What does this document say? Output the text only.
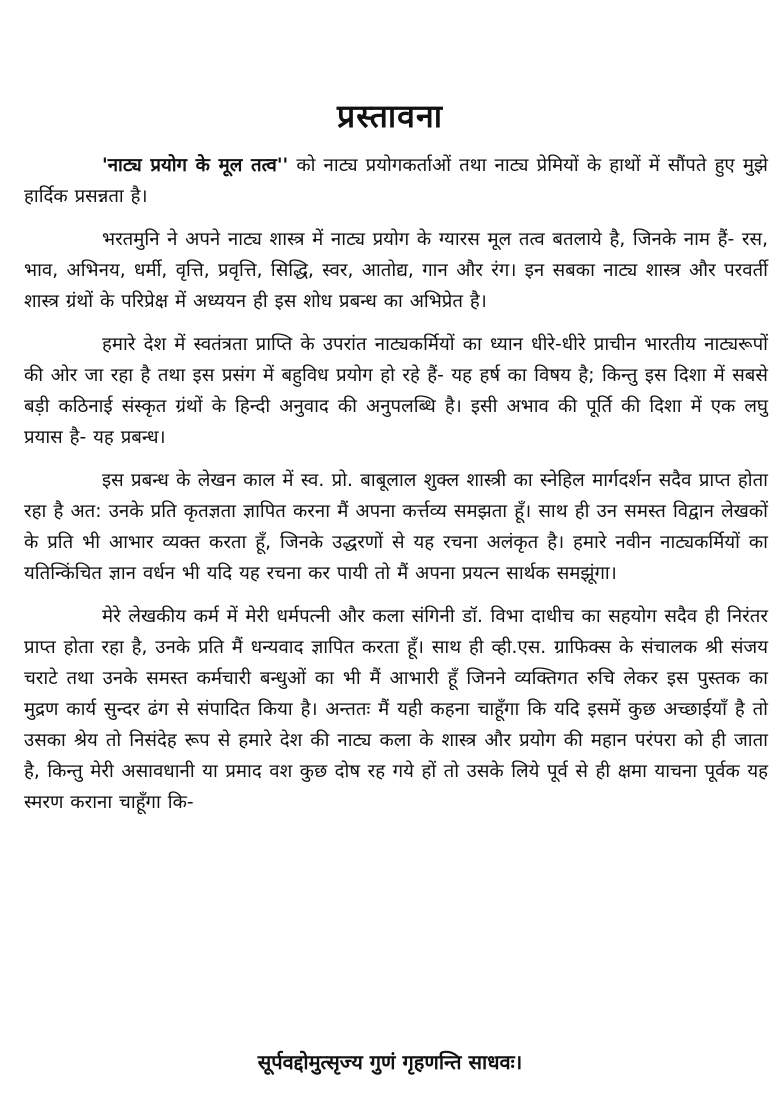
प्रस्तावना

'नाट्य प्रयोग के मूल तत्व'' को नाट्य प्रयोगकर्ताओं तथा नाट्य प्रेमियों के हाथों में सौंपते हुए मुझे हार्दिक प्रसन्नता है।

भरतमुनि ने अपने नाट्य शास्त्र में नाट्य प्रयोग के ग्यारस मूल तत्व बतलाये है, जिनके नाम हैं- रस, भाव, अभिनय, धर्मी, वृत्ति, प्रवृत्ति, सिद्धि, स्वर, आतोद्य, गान और रंग। इन सबका नाट्य शास्त्र और परवर्ती शास्त्र ग्रंथों के परिप्रेक्ष में अध्ययन ही इस शोध प्रबन्ध का अभिप्रेत है।

हमारे देश में स्वतंत्रता प्राप्ति के उपरांत नाट्यकर्मियों का ध्यान धीरे-धीरे प्राचीन भारतीय नाट्यरूपों की ओर जा रहा है तथा इस प्रसंग में बहुविध प्रयोग हो रहे हैं- यह हर्ष का विषय है; किन्तु इस दिशा में सबसे बड़ी कठिनाई संस्कृत ग्रंथों के हिन्दी अनुवाद की अनुपलब्धि है। इसी अभाव की पूर्ति की दिशा में एक लघु प्रयास है- यह प्रबन्ध।

इस प्रबन्ध के लेखन काल में स्व. प्रो. बाबूलाल शुक्ल शास्त्री का स्नेहिल मार्गदर्शन सदैव प्राप्त होता रहा है अत: उनके प्रति कृतज्ञता ज्ञापित करना मैं अपना कर्त्तव्य समझता हूँ। साथ ही उन समस्त विद्वान लेखकों के प्रति भी आभार व्यक्त करता हूँ, जिनके उद्धरणों से यह रचना अलंकृत है। हमारे नवीन नाट्यकर्मियों का यतिन्किंचित ज्ञान वर्धन भी यदि यह रचना कर पायी तो मैं अपना प्रयत्न सार्थक समझूंगा।

मेरे लेखकीय कर्म में मेरी धर्मपत्नी और कला संगिनी डॉ. विभा दाधीच का सहयोग सदैव ही निरंतर प्राप्त होता रहा है, उनके प्रति मैं धन्यवाद ज्ञापित करता हूँ। साथ ही व्ही.एस. ग्राफिक्स के संचालक श्री संजय चराटे तथा उनके समस्त कर्मचारी बन्धुओं का भी मैं आभारी हूँ जिनने व्यक्तिगत रुचि लेकर इस पुस्तक का मुद्रण कार्य सुन्दर ढंग से संपादित किया है। अन्ततः मैं यही कहना चाहूँगा कि यदि इसमें कुछ अच्छाईयाँ है तो उसका श्रेय तो निसंदेह रूप से हमारे देश की नाट्य कला के शास्त्र और प्रयोग की महान परंपरा को ही जाता है, किन्तु मेरी असावधानी या प्रमाद वश कुछ दोष रह गये हों तो उसके लिये पूर्व से ही क्षमा याचना पूर्वक यह स्मरण कराना चाहूँगा कि-

सूर्पवद्दोमुत्सृज्य गुणं गृहणन्ति साधवः।
